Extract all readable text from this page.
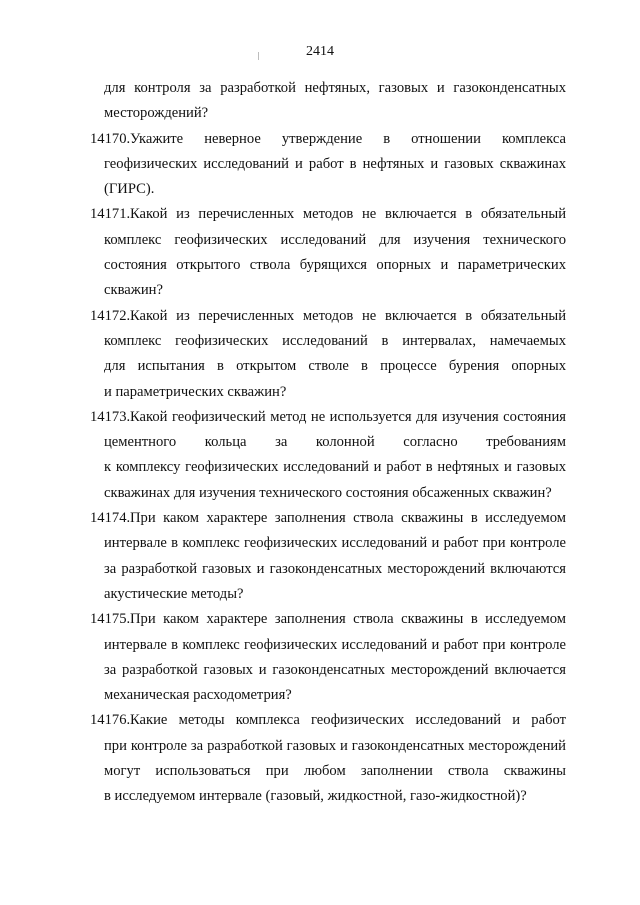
2414
для контроля за разработкой нефтяных, газовых и газоконденсатных
месторождений?
14170. Укажите неверное утверждение в отношении комплекса
геофизических исследований и работ в нефтяных и газовых скважинах
(ГИРС).
14171. Какой из перечисленных методов не включается в обязательный
комплекс геофизических исследований для изучения технического
состояния открытого ствола бурящихся опорных и параметрических
скважин?
14172. Какой из перечисленных методов не включается в обязательный
комплекс геофизических исследований в интервалах, намечаемых
для испытания в открытом стволе в процессе бурения опорных
и параметрических скважин?
14173. Какой геофизический метод не используется для изучения состояния
цементного кольца за колонной согласно требованиям
к комплексу геофизических исследований и работ в нефтяных и газовых
скважинах для изучения технического состояния обсаженных скважин?
14174. При каком характере заполнения ствола скважины в исследуемом
интервале в комплекс геофизических исследований и работ при контроле
за разработкой газовых и газоконденсатных месторождений включаются
акустические методы?
14175. При каком характере заполнения ствола скважины в исследуемом
интервале в комплекс геофизических исследований и работ при контроле
за разработкой газовых и газоконденсатных месторождений включается
механическая расходометрия?
14176. Какие методы комплекса геофизических исследований и работ
при контроле за разработкой газовых и газоконденсатных месторождений
могут использоваться при любом заполнении ствола скважины
в исследуемом интервале (газовый, жидкостной, газо-жидкостной)?
